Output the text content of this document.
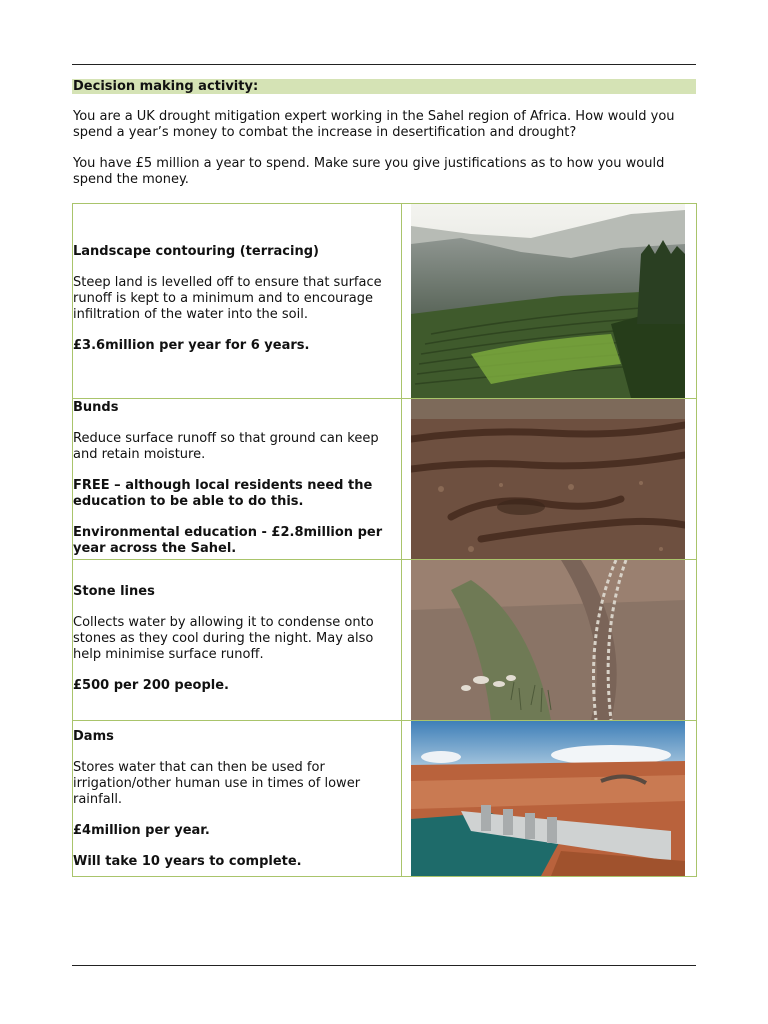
Decision making activity:

You are a UK drought mitigation expert working in the Sahel region of Africa. How would you spend a year’s money to combat the increase in desertification and drought?

You have £5 million a year to spend. Make sure you give justifications as to how you would spend the money.

Landscape contouring (terracing)

Steep land is levelled off to ensure that surface runoff is kept to a minimum and to encourage infiltration of the water into the soil.

£3.6million per year for 6 years.

Bunds

Reduce surface runoff so that ground can keep and retain moisture.

FREE – although local residents need the education to be able to do this.

Environmental education - £2.8million per year across the Sahel.

Stone lines

Collects water by allowing it to condense onto stones as they cool during the night. May also help minimise surface runoff.

£500 per 200 people.

Dams

Stores water that can then be used for irrigation/other human use in times of lower rainfall.

£4million per year.

Will take 10 years to complete.
